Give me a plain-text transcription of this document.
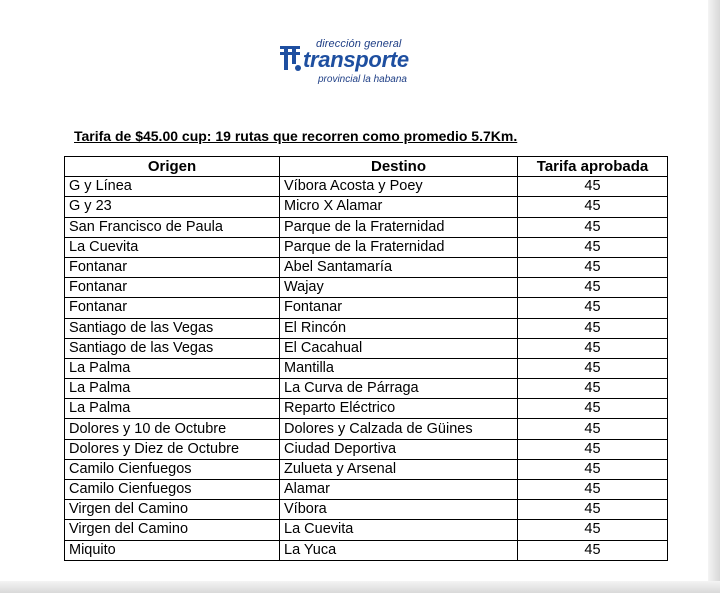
dirección general
transporte
provincial la habana
Tarifa de $45.00 cup: 19 rutas que recorren como promedio 5.7Km.
Origen	Destino	Tarifa aprobada
G y Línea	Víbora Acosta y Poey	45
G y 23	Micro X Alamar	45
San Francisco de Paula	Parque de la Fraternidad	45
La Cuevita	Parque de la Fraternidad	45
Fontanar	Abel Santamaría	45
Fontanar	Wajay	45
Fontanar	Fontanar	45
Santiago de las Vegas	El Rincón	45
Santiago de las Vegas	El Cacahual	45
La Palma	Mantilla	45
La Palma	La Curva de Párraga	45
La Palma	Reparto Eléctrico	45
Dolores y 10 de Octubre	Dolores y Calzada de Güines	45
Dolores y Diez de Octubre	Ciudad Deportiva	45
Camilo Cienfuegos	Zulueta y Arsenal	45
Camilo Cienfuegos	Alamar	45
Virgen del Camino	Víbora	45
Virgen del Camino	La Cuevita	45
Miquito	La Yuca	45
